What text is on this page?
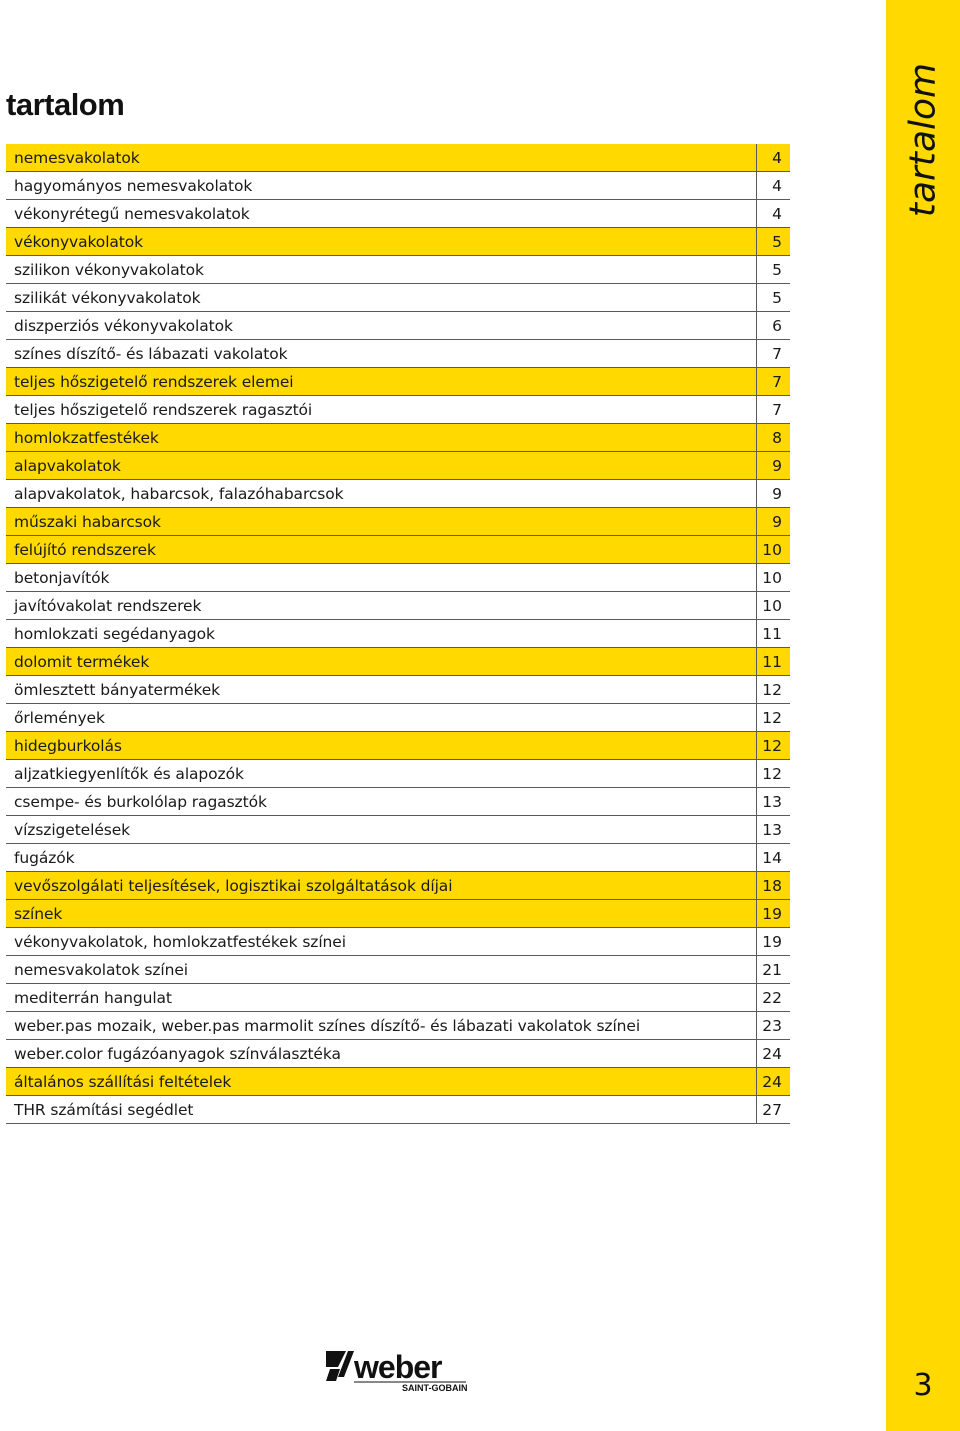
tartalom
nemesvakolatok	4
hagyományos nemesvakolatok	4
vékonyrétegű nemesvakolatok	4
vékonyvakolatok	5
szilikon vékonyvakolatok	5
szilikát vékonyvakolatok	5
diszperziós vékonyvakolatok	6
színes díszítő- és lábazati vakolatok	7
teljes hőszigetelő rendszerek elemei	7
teljes hőszigetelő rendszerek ragasztói	7
homlokzatfestékek	8
alapvakolatok	9
alapvakolatok, habarcsok, falazóhabarcsok	9
műszaki habarcsok	9
felújító rendszerek	10
betonjavítók	10
javítóvakolat rendszerek	10
homlokzati segédanyagok	11
dolomit termékek	11
ömlesztett bányatermékek	12
őrlemények	12
hidegburkolás	12
aljzatkiegyenlítők és alapozók	12
csempe- és burkolólap ragasztók	13
vízszigetelések	13
fugázók	14
vevőszolgálati teljesítések, logisztikai szolgáltatások díjai	18
színek	19
vékonyvakolatok, homlokzatfestékek színei	19
nemesvakolatok színei	21
mediterrán hangulat	22
weber.pas mozaik, weber.pas marmolit színes díszítő- és lábazati vakolatok színei	23
weber.color fugázóanyagok színválasztéka	24
általános szállítási feltételek	24
THR számítási segédlet	27
tartalom
weber
SAINT-GOBAIN	3
